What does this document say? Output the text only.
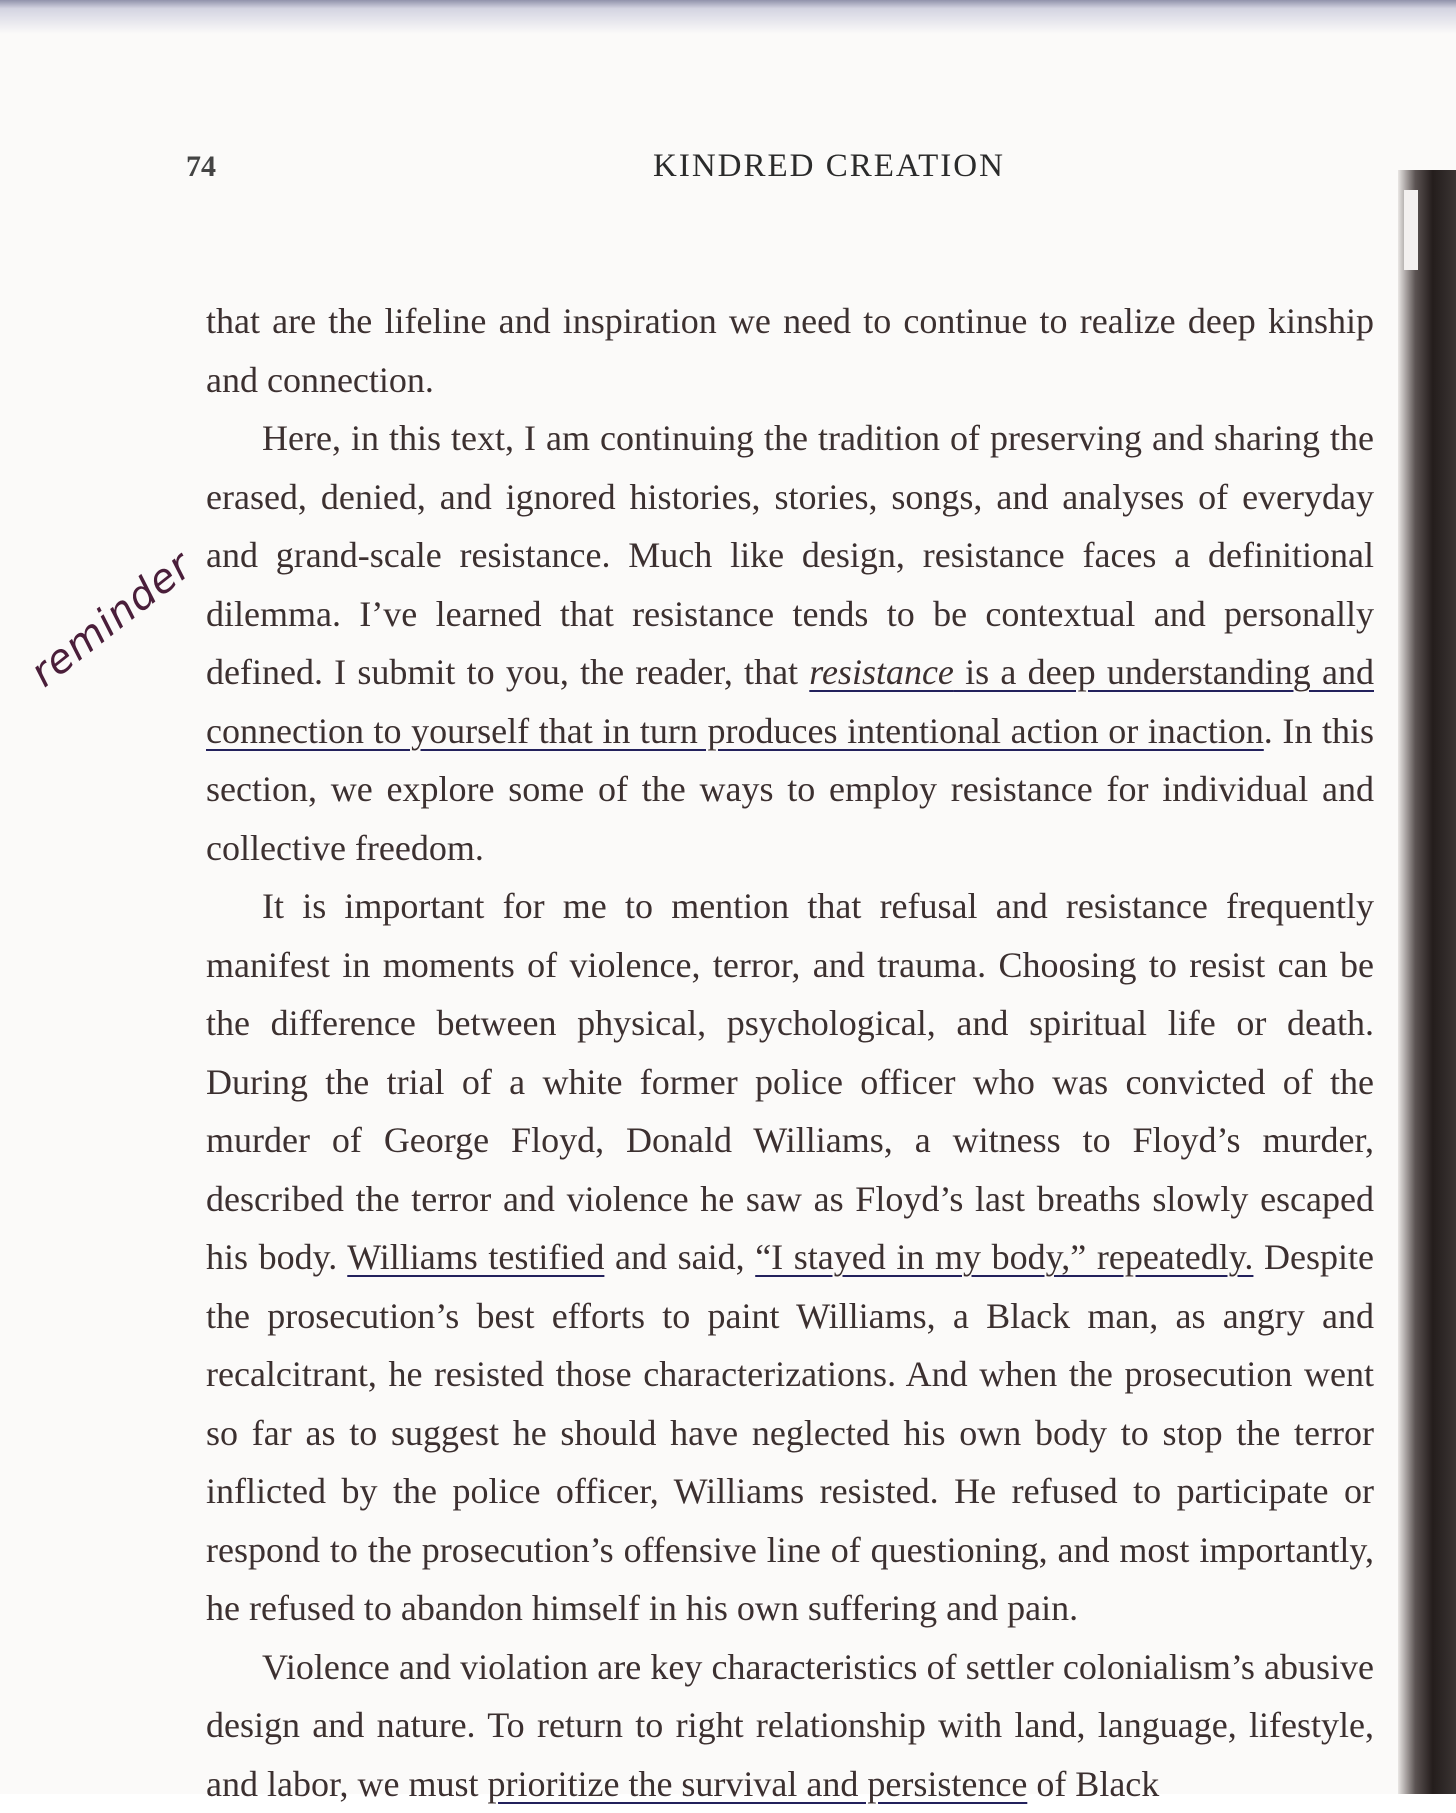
74	KINDRED CREATION
reminder

that are the lifeline and inspiration we need to continue to realize deep kinship and connection.

Here, in this text, I am continuing the tradition of preserving and sharing the erased, denied, and ignored histories, stories, songs, and analyses of everyday and grand-scale resistance. Much like design, resistance faces a definitional dilemma. I’ve learned that resistance tends to be contextual and personally defined. I submit to you, the reader, that resistance is a deep understanding and connection to yourself that in turn produces intentional action or inaction. In this section, we explore some of the ways to employ resistance for individual and collective freedom.

It is important for me to mention that refusal and resistance frequently manifest in moments of violence, terror, and trauma. Choosing to resist can be the difference between physical, psychological, and spiritual life or death. During the trial of a white former police officer who was convicted of the murder of George Floyd, Donald Williams, a witness to Floyd’s murder, described the terror and violence he saw as Floyd’s last breaths slowly escaped his body. Williams testified and said, “I stayed in my body,” repeatedly. Despite the prosecution’s best efforts to paint Williams, a Black man, as angry and recalcitrant, he resisted those characterizations. And when the prosecution went so far as to suggest he should have neglected his own body to stop the terror inflicted by the police officer, Williams resisted. He refused to participate or respond to the prosecution’s offensive line of questioning, and most importantly, he refused to abandon himself in his own suffering and pain.

Violence and violation are key characteristics of settler colonialism’s abusive design and nature. To return to right relationship with land, language, lifestyle, and labor, we must prioritize the survival and persistence of Black
